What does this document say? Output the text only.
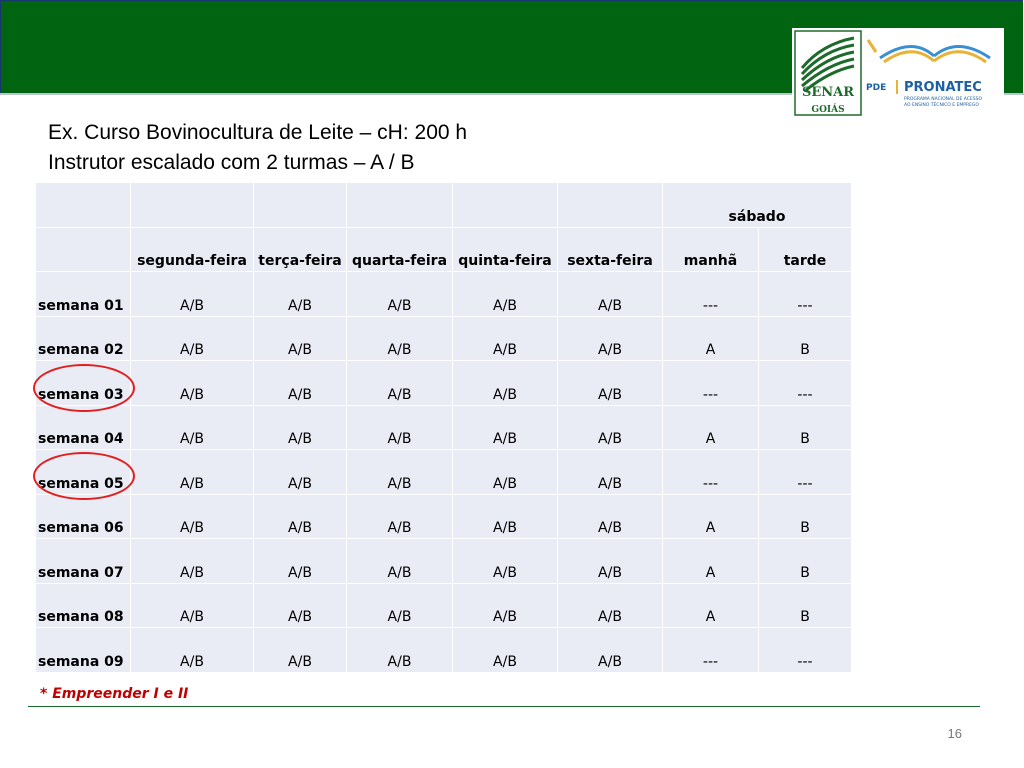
SENAR
GOIÁS
PDE PRONATEC
PROGRAMA NACIONAL DE ACESSO
AO ENSINO TÉCNICO E EMPREGO
Ex. Curso Bovinocultura de Leite – cH: 200 h
Instrutor escalado com 2 turmas – A / B
						sábado	
	segunda-feira	terça-feira	quarta-feira	quinta-feira	sexta-feira	manhã	tarde
semana 01	A/B	A/B	A/B	A/B	A/B	---	---
semana 02	A/B	A/B	A/B	A/B	A/B	A	B
semana 03	A/B	A/B	A/B	A/B	A/B	---	---
semana 04	A/B	A/B	A/B	A/B	A/B	A	B
semana 05	A/B	A/B	A/B	A/B	A/B	---	---
semana 06	A/B	A/B	A/B	A/B	A/B	A	B
semana 07	A/B	A/B	A/B	A/B	A/B	A	B
semana 08	A/B	A/B	A/B	A/B	A/B	A	B
semana 09	A/B	A/B	A/B	A/B	A/B	---	---
* Empreender I e II
16
